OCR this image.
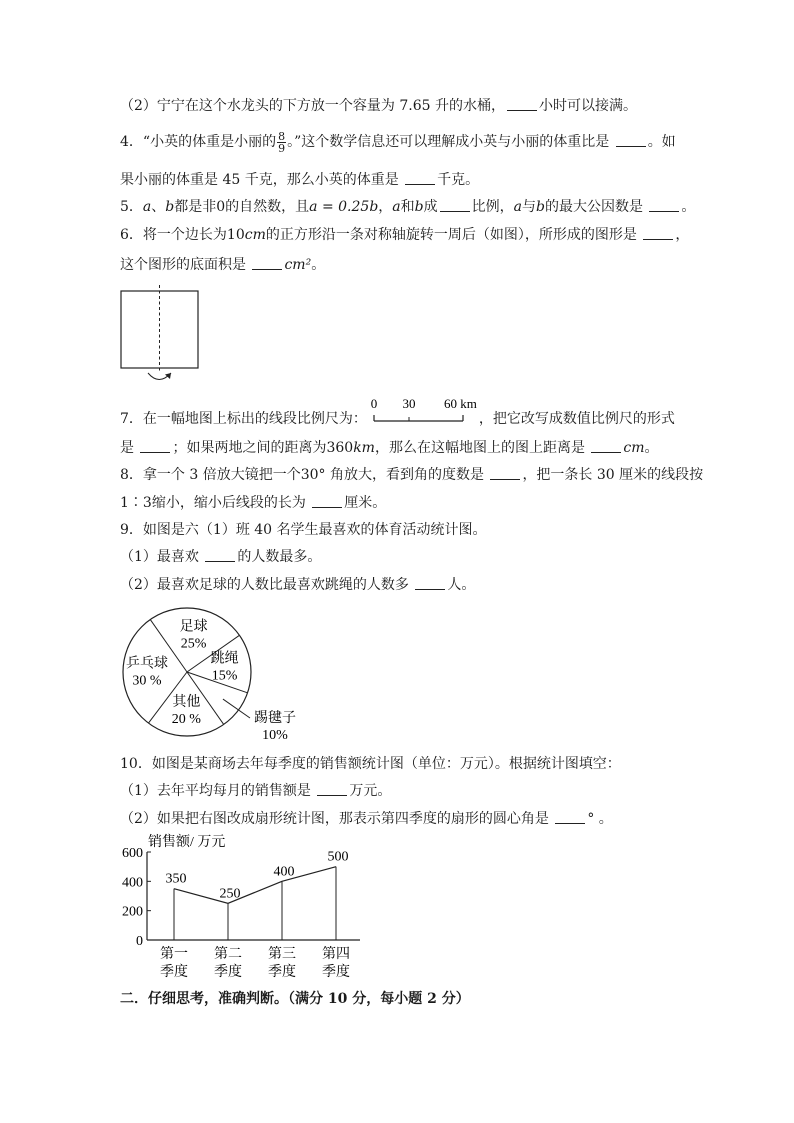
（2）宁宁在这个水龙头的下方放一个容量为 7.65 升的水桶， 小时可以接满。
4．“小英的体重是小丽的 $\frac{8}{9}$ 。”这个数学信息还可以理解成小英与小丽的体重比是 。如
果小丽的体重是 45 千克，那么小英的体重是 千克。
5．a、b都是非0的自然数，且a = 0.25b，a和b成 比例，a与b的最大公因数是 。
6．将一个边长为10cm的正方形沿一条对称轴旋转一周后（如图），所形成的图形是 ，
这个图形的底面积是 cm²。
7．在一幅地图上标出的线段比例尺为：	，把它改写成数值比例尺的形式
0 30 60 km
是 ；如果两地之间的距离为360km，那么在这幅地图上的图上距离是 cm。
8．拿一个 3 倍放大镜把一个30° 角放大，看到角的度数是 ，把一条长 30 厘米的线段按
1∶3缩小，缩小后线段的长为 厘米。
9．如图是六（1）班 40 名学生最喜欢的体育活动统计图。
（1）最喜欢 的人数最多。
（2）最喜欢足球的人数比最喜欢跳绳的人数多 人。
足球
25%
跳绳
15%
踢毽子
10%
其他
20 %
乒乓球
30 %
10．如图是某商场去年每季度的销售额统计图（单位：万元）。根据统计图填空：
（1）去年平均每月的销售额是 万元。
（2）如果把右图改成扇形统计图，那表示第四季度的扇形的圆心角是 ° 。
销售额/ 万元
0
200
400
600
350
第一
季度
250
第二
季度
400
第三
季度
500
第四
季度
二．仔细思考，准确判断。（满分 10 分，每小题 2 分）
